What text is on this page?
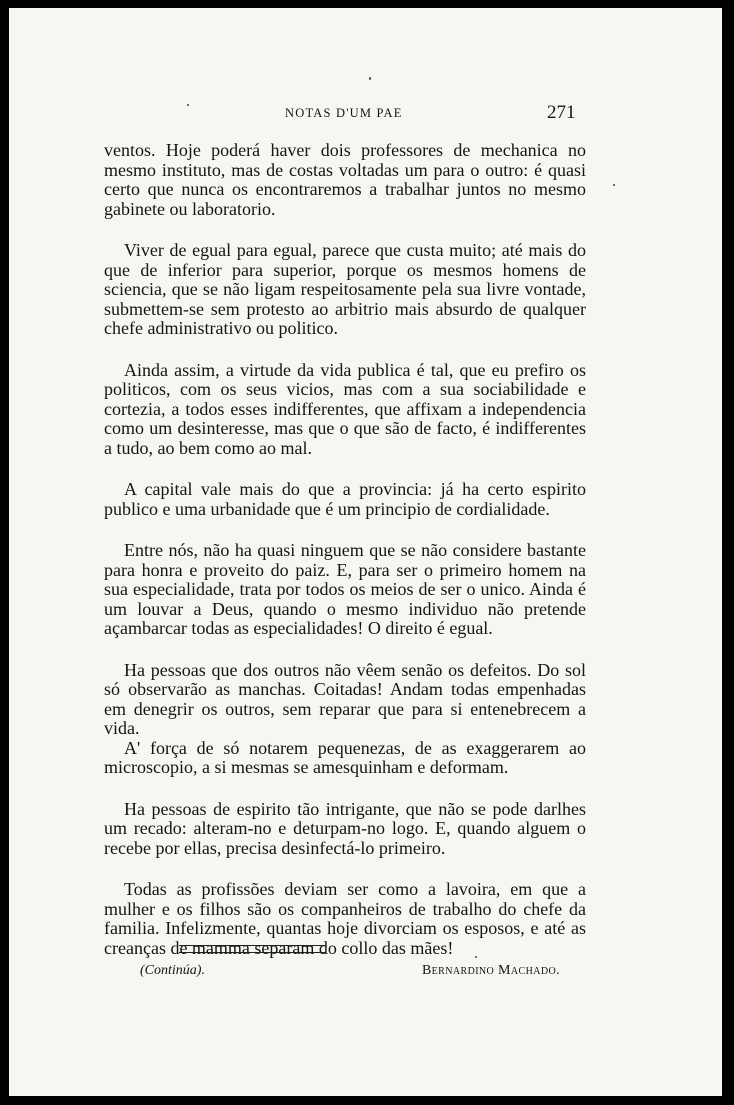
NOTAS D'UM PAE	271

ventos. Hoje poderá haver dois professores de mechanica no mesmo instituto, mas de costas voltadas um para o outro: é quasi certo que nunca os encontraremos a trabalhar juntos no mesmo gabinete ou laboratorio.

Viver de egual para egual, parece que custa muito; até mais do que de inferior para superior, porque os mesmos homens de sciencia, que se não ligam respeitosamente pela sua livre vontade, submettem-se sem protesto ao arbitrio mais absurdo de qualquer chefe administrativo ou politico.

Ainda assim, a virtude da vida publica é tal, que eu prefiro os politicos, com os seus vicios, mas com a sua sociabilidade e cortezia, a todos esses indifferentes, que affixam a independencia como um desinteresse, mas que o que são de facto, é indifferentes a tudo, ao bem como ao mal.

A capital vale mais do que a provincia: já ha certo espirito publico e uma urbanidade que é um principio de cordialidade.

Entre nós, não ha quasi ninguem que se não considere bastante para honra e proveito do paiz. E, para ser o primeiro homem na sua especialidade, trata por todos os meios de ser o unico. Ainda é um louvar a Deus, quando o mesmo individuo não pretende açambarcar todas as especialidades! O direito é egual.

Ha pessoas que dos outros não vêem senão os defeitos. Do sol só observarão as manchas. Coitadas! Andam todas empenhadas em denegrir os outros, sem reparar que para si entenebrecem a vida.

A' força de só notarem pequenezas, de as exaggerarem ao microscopio, a si mesmas se amesquinham e deformam.

Ha pessoas de espirito tão intrigante, que não se pode darlhes um recado: alteram-no e deturpam-no logo. E, quando alguem o recebe por ellas, precisa desinfectá-lo primeiro.

Todas as profissões deviam ser como a lavoira, em que a mulher e os filhos são os companheiros de trabalho do chefe da familia. Infelizmente, quantas hoje divorciam os esposos, e até as creanças de mamma separam do collo das mães!

(Continúa).	Bernardino Machado.
